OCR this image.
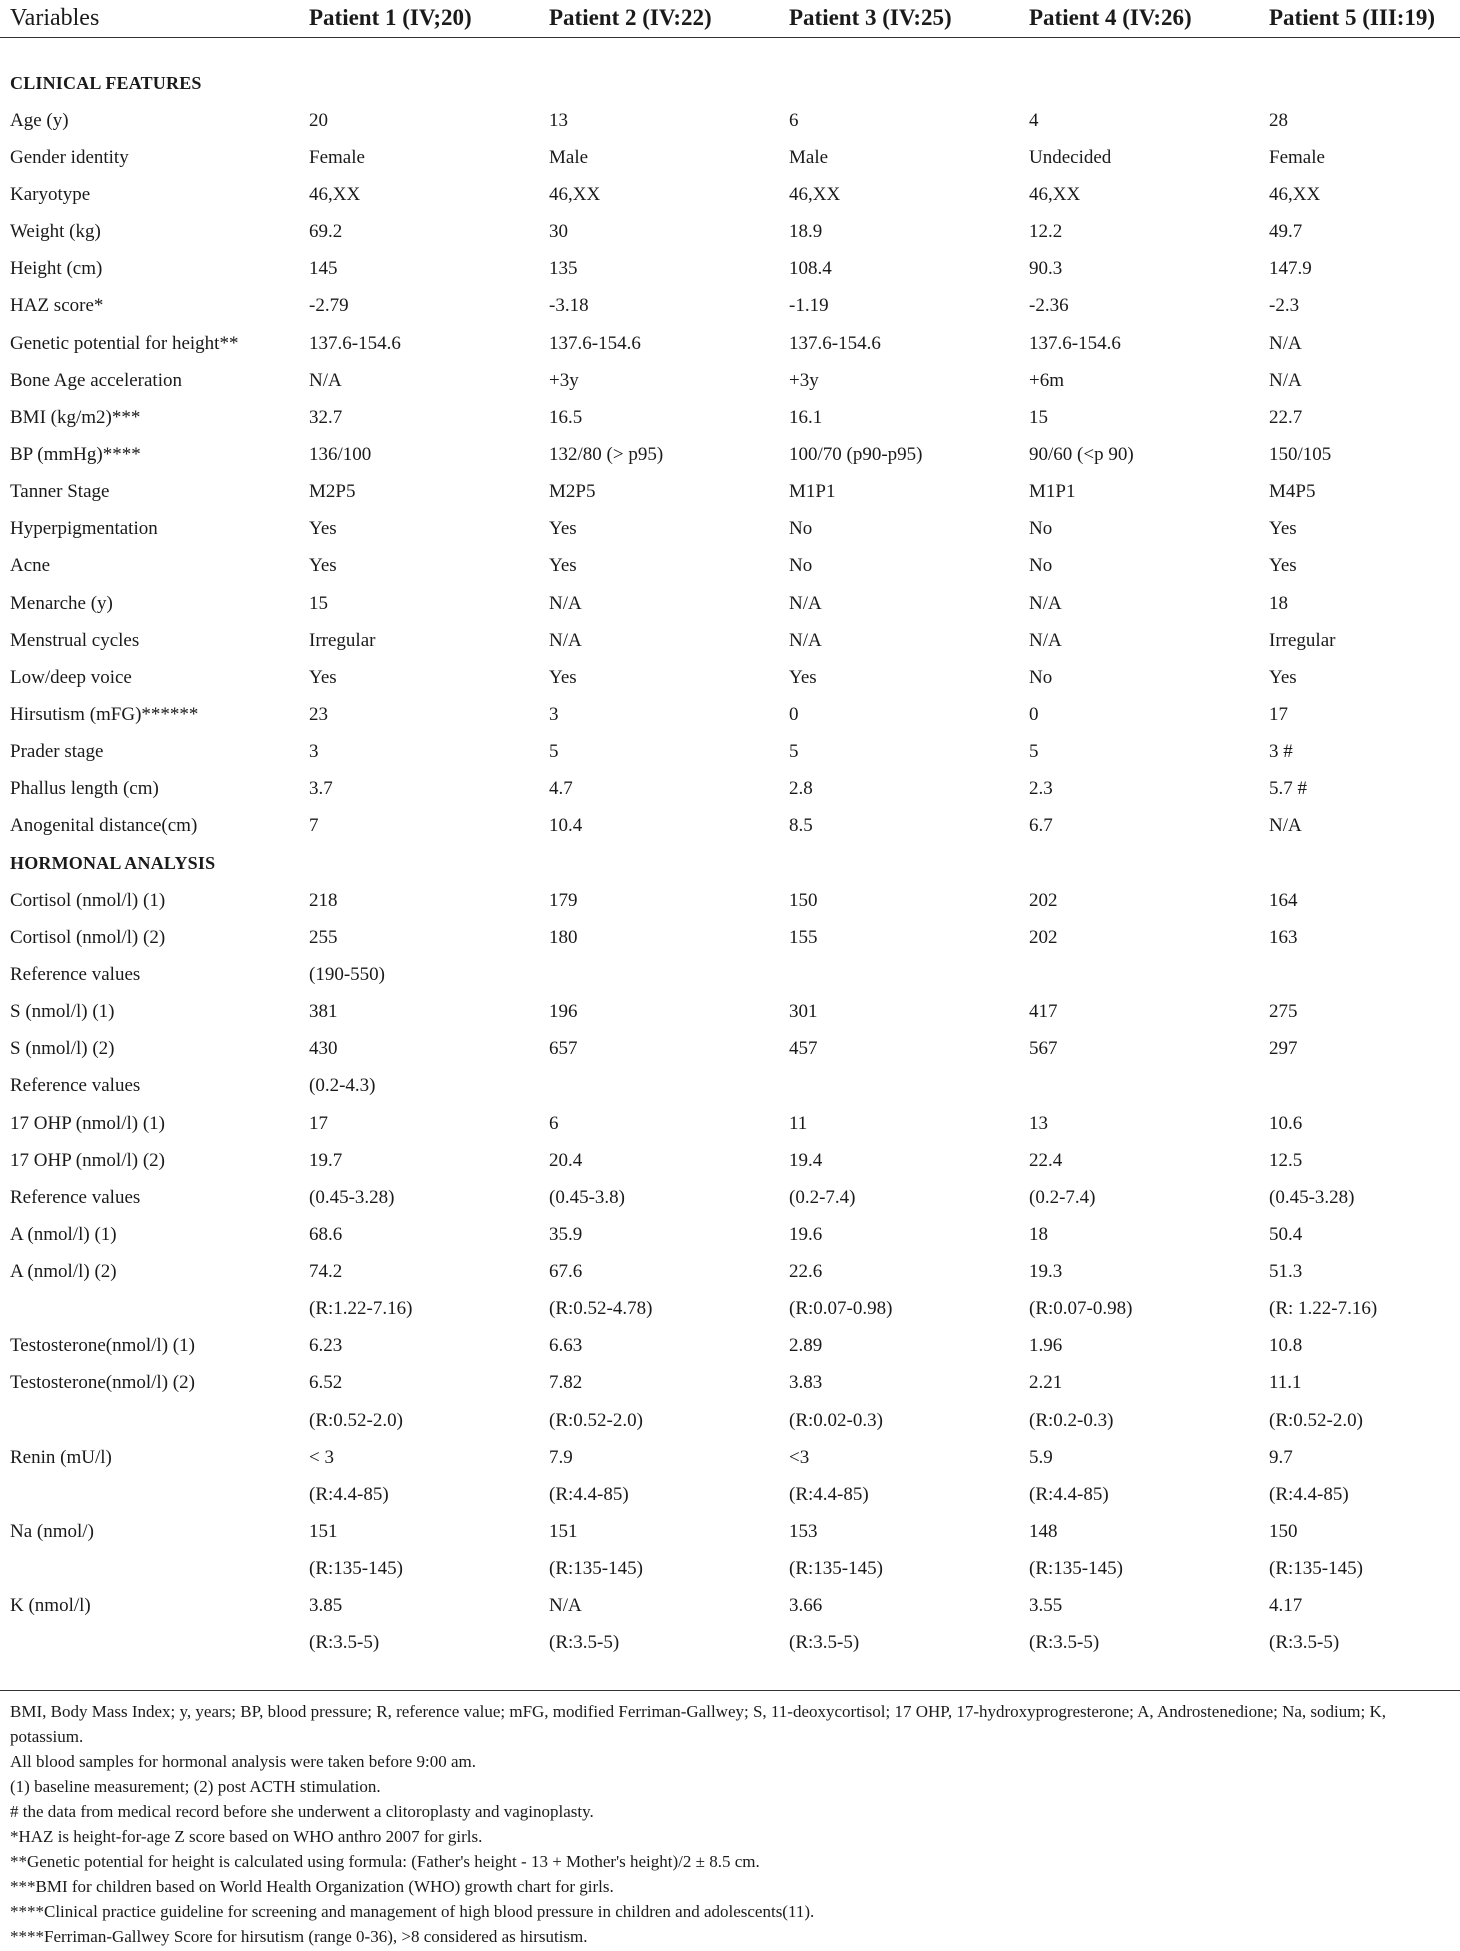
Variables	Patient 1 (IV;20)	Patient 2 (IV:22)	Patient 3 (IV:25)	Patient 4 (IV:26)	Patient 5 (III:19)

CLINICAL FEATURES					
Age (y)	20	13	6	4	28
Gender identity	Female	Male	Male	Undecided	Female
Karyotype	46,XX	46,XX	46,XX	46,XX	46,XX
Weight (kg)	69.2	30	18.9	12.2	49.7
Height (cm)	145	135	108.4	90.3	147.9
HAZ score*	-2.79	-3.18	-1.19	-2.36	-2.3
Genetic potential for height**	137.6-154.6	137.6-154.6	137.6-154.6	137.6-154.6	N/A
Bone Age acceleration	N/A	+3y	+3y	+6m	N/A
BMI (kg/m2)***	32.7	16.5	16.1	15	22.7
BP (mmHg)****	136/100	132/80 (> p95)	100/70 (p90-p95)	90/60 (<p 90)	150/105
Tanner Stage	M2P5	M2P5	M1P1	M1P1	M4P5
Hyperpigmentation	Yes	Yes	No	No	Yes
Acne	Yes	Yes	No	No	Yes
Menarche (y)	15	N/A	N/A	N/A	18
Menstrual cycles	Irregular	N/A	N/A	N/A	Irregular
Low/deep voice	Yes	Yes	Yes	No	Yes
Hirsutism (mFG)******	23	3	0	0	17
Prader stage	3	5	5	5	3 #
Phallus length (cm)	3.7	4.7	2.8	2.3	5.7 #
Anogenital distance(cm)	7	10.4	8.5	6.7	N/A
HORMONAL ANALYSIS					
Cortisol (nmol/l) (1)	218	179	150	202	164
Cortisol (nmol/l) (2)	255	180	155	202	163
Reference values	(190-550)				
S (nmol/l) (1)	381	196	301	417	275
S (nmol/l) (2)	430	657	457	567	297
Reference values	(0.2-4.3)				
17 OHP (nmol/l) (1)	17	6	11	13	10.6
17 OHP (nmol/l) (2)	19.7	20.4	19.4	22.4	12.5
Reference values	(0.45-3.28)	(0.45-3.8)	(0.2-7.4)	(0.2-7.4)	(0.45-3.28)
A (nmol/l) (1)	68.6	35.9	19.6	18	50.4
A (nmol/l) (2)	74.2	67.6	22.6	19.3	51.3
	(R:1.22-7.16)	(R:0.52-4.78)	(R:0.07-0.98)	(R:0.07-0.98)	(R: 1.22-7.16)
Testosterone(nmol/l) (1)	6.23	6.63	2.89	1.96	10.8
Testosterone(nmol/l) (2)	6.52	7.82	3.83	2.21	11.1
	(R:0.52-2.0)	(R:0.52-2.0)	(R:0.02-0.3)	(R:0.2-0.3)	(R:0.52-2.0)
Renin (mU/l)	< 3	7.9	<3	5.9	9.7
	(R:4.4-85)	(R:4.4-85)	(R:4.4-85)	(R:4.4-85)	(R:4.4-85)
Na (nmol/)	151	151	153	148	150
	(R:135-145)	(R:135-145)	(R:135-145)	(R:135-145)	(R:135-145)
K (nmol/l)	3.85	N/A	3.66	3.55	4.17
	(R:3.5-5)	(R:3.5-5)	(R:3.5-5)	(R:3.5-5)	(R:3.5-5)

BMI, Body Mass Index; y, years; BP, blood pressure; R, reference value; mFG, modified Ferriman-Gallwey; S, 11-deoxycortisol; 17 OHP, 17-hydroxyprogresterone; A, Androstenedione; Na, sodium; K, potassium.

All blood samples for hormonal analysis were taken before 9:00 am.

(1) baseline measurement; (2) post ACTH stimulation.

# the data from medical record before she underwent a clitoroplasty and vaginoplasty.

*HAZ is height-for-age Z score based on WHO anthro 2007 for girls.

**Genetic potential for height is calculated using formula: (Father's height - 13 + Mother's height)/2 ± 8.5 cm.

***BMI for children based on World Health Organization (WHO) growth chart for girls.

****Clinical practice guideline for screening and management of high blood pressure in children and adolescents(11).

****Ferriman-Gallwey Score for hirsutism (range 0-36), >8 considered as hirsutism.
